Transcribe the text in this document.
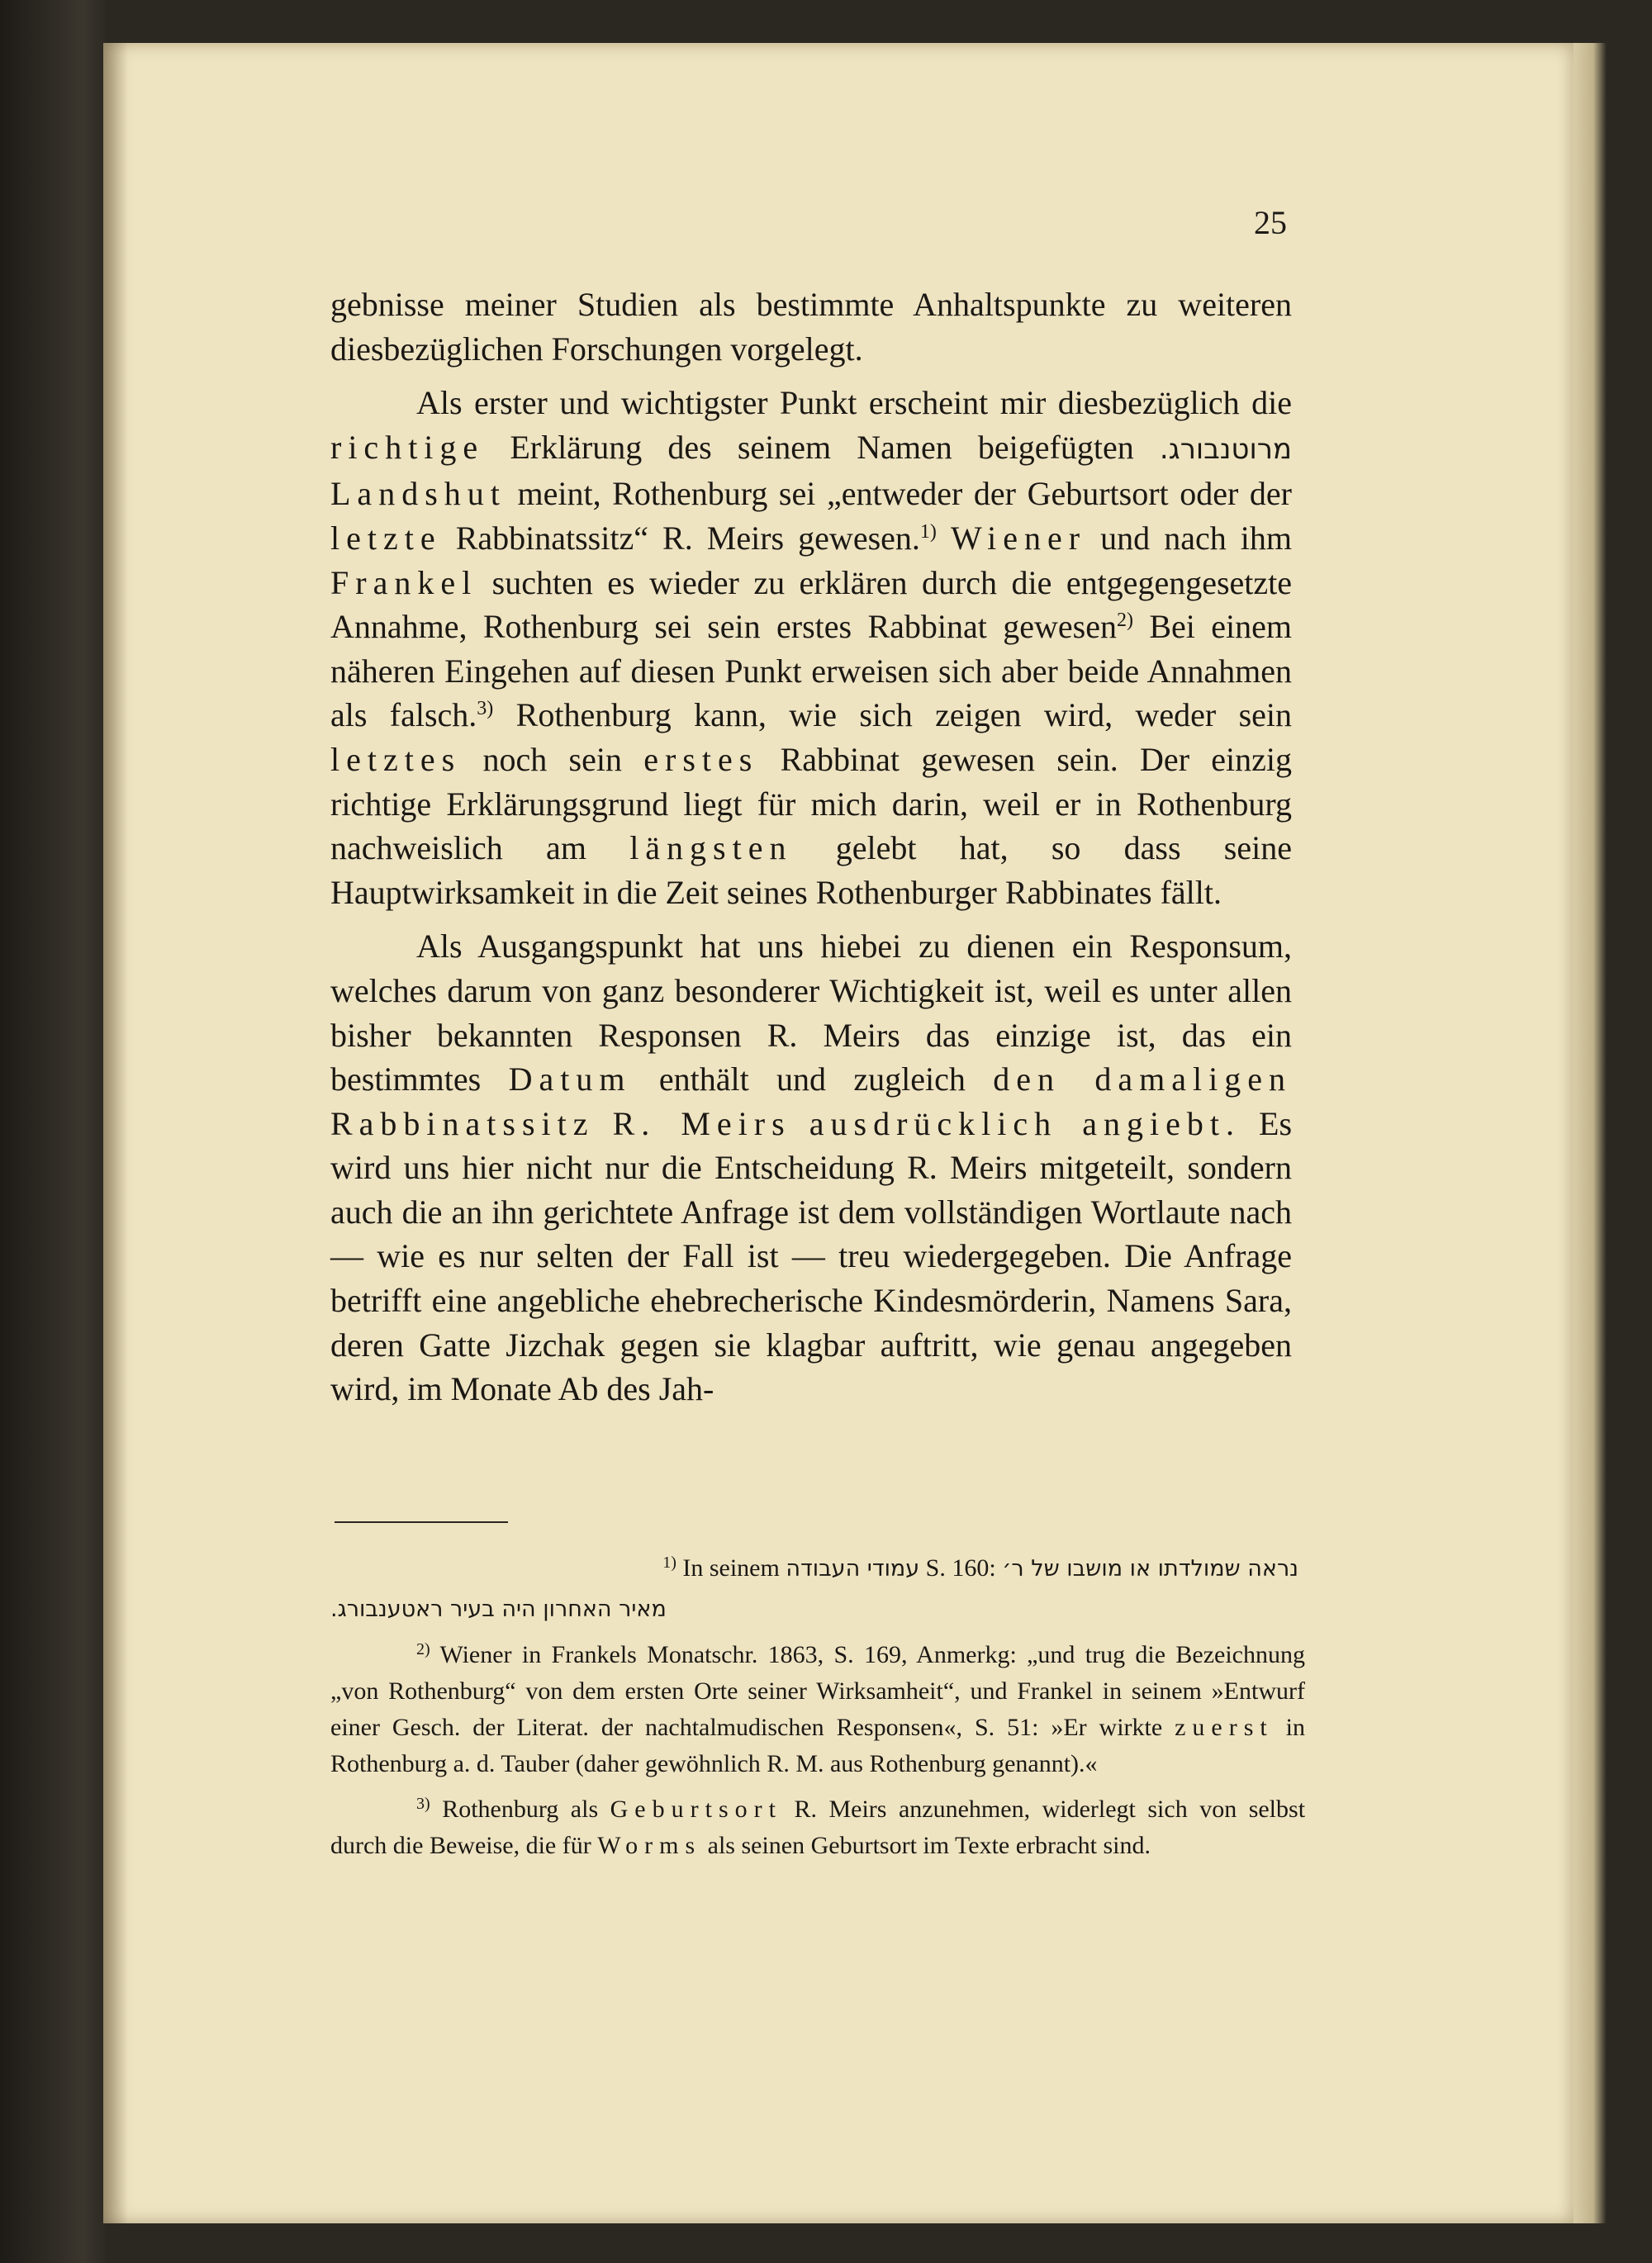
25

gebnisse meiner Studien als bestimmte Anhaltspunkte zu weiteren diesbezüglichen Forschungen vorgelegt.

Als erster und wichtigster Punkt erscheint mir diesbezüglich die richtige Erklärung des seinem Namen beigefügten מרוטנבורג. Landshut meint, Rothenburg sei „entweder der Geburtsort oder der letzte Rabbinatssitz“ R. Meirs gewesen.$^{1)}$ Wiener und nach ihm Frankel suchten es wieder zu erklären durch die entgegengesetzte Annahme, Rothenburg sei sein erstes Rabbinat gewesen$^{2)}$ Bei einem näheren Eingehen auf diesen Punkt erweisen sich aber beide Annahmen als falsch.$^{3)}$ Rothenburg kann, wie sich zeigen wird, weder sein letztes noch sein erstes Rabbinat gewesen sein. Der einzig richtige Erklärungsgrund liegt für mich darin, weil er in Rothenburg nachweislich am längsten gelebt hat, so dass seine Hauptwirksamkeit in die Zeit seines Rothenburger Rabbinates fällt.

Als Ausgangspunkt hat uns hiebei zu dienen ein Responsum, welches darum von ganz besonderer Wichtigkeit ist, weil es unter allen bisher bekannten Responsen R. Meirs das einzige ist, das ein bestimmtes Datum enthält und zugleich den damaligen Rabbinatssitz R. Meirs ausdrücklich angiebt. Es wird uns hier nicht nur die Entscheidung R. Meirs mitgeteilt, sondern auch die an ihn gerichtete Anfrage ist dem vollständigen Wortlaute nach — wie es nur selten der Fall ist — treu wiedergegeben. Die Anfrage betrifft eine angebliche ehebrecherische Kindesmörderin, Namens Sara, deren Gatte Jizchak gegen sie klagbar auftritt, wie genau angegeben wird, im Monate Ab des Jah-

$^{1)}$ In seinem עמודי העבודה S. 160: נראה שמולדתו או מושבו של ר׳

מאיר האחרון היה בעיר ראטענבורג.

$^{2)}$ Wiener in Frankels Monatschr. 1863, S. 169, Anmerkg: „und trug die Bezeichnung „von Rothenburg“ von dem ersten Orte seiner Wirksamheit“, und Frankel in seinem »Entwurf einer Gesch. der Literat. der nachtalmudischen Responsen«, S. 51: »Er wirkte zuerst in Rothenburg a. d. Tauber (daher gewöhnlich R. M. aus Rothenburg genannt).«

$^{3)}$ Rothenburg als Geburtsort R. Meirs anzunehmen, widerlegt sich von selbst durch die Beweise, die für Worms als seinen Geburtsort im Texte erbracht sind.
